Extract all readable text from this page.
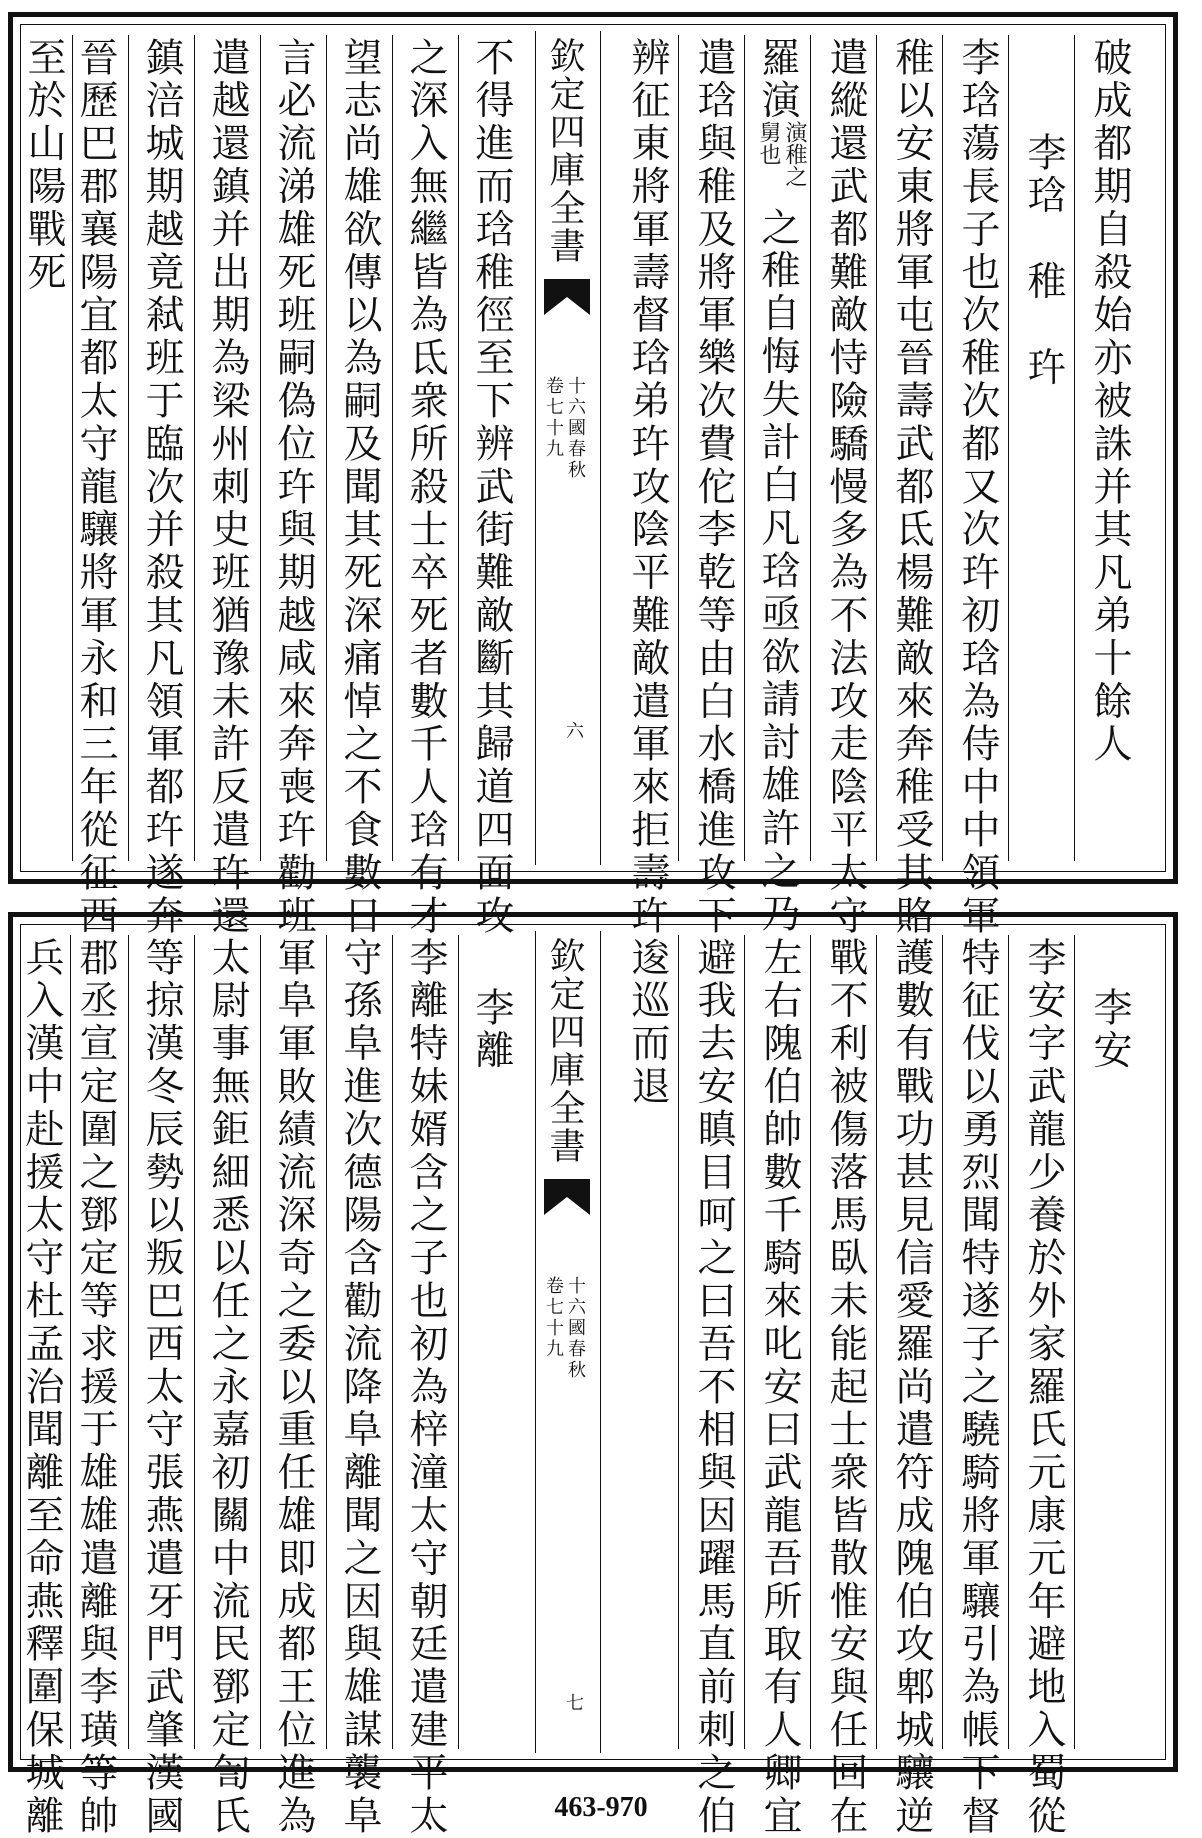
破成都期自殺始亦被誅并其凡弟十餘人
李琀　稚　玝
李琀蕩長子也次稚次都又次玝初琀為侍中中領軍
稚以安東將軍屯晉壽武都氐楊難敵來奔稚受其賂
遣縱還武都難敵恃險驕慢多為不法攻走陰平太守
羅演
演稚之
舅也
之稚自悔失計白凡琀亟欲請討雄許之乃
遣琀與稚及將軍樂次費佗李乾等由白水橋進攻下
辨征東將軍壽督琀弟玝攻陰平難敵遣軍來拒壽玝
欽定四庫全書
十六國春秋
卷七十九
六
不得進而琀稚徑至下辨武街難敵斷其歸道四面攻
之深入無繼皆為氐衆所殺士卒死者數千人琀有才
望志尚雄欲傳以為嗣及聞其死深痛悼之不食數日
言必流涕雄死班嗣偽位玝與期越咸來奔喪玝勸班
遣越還鎮并出期為梁州刺史班猶豫未許反遣玝還
鎮涪城期越竟弒班于臨次并殺其凡領軍都玝遂奔
晉歷巴郡襄陽宜都太守龍驤將軍永和三年從征西
至於山陽戰死
李安
李安字武龍少養於外家羅氏元康元年避地入蜀從
特征伐以勇烈聞特遂子之驍騎將軍驤引為帳下督
護數有戰功甚見信愛羅尚遣符成隗伯攻郫城驤逆
戰不利被傷落馬臥未能起士衆皆散惟安與任回在
左右隗伯帥數千騎來叱安曰武龍吾所取有人卿宜
避我去安瞋目呵之曰吾不相與因躍馬直前刺之伯
逡巡而退
欽定四庫全書
十六國春秋
卷七十九
七
李離
李離特妹婿含之子也初為梓潼太守朝廷遣建平太
守孫阜進次德陽含勸流降阜離聞之因與雄謀襲阜
軍阜軍敗績流深奇之委以重任雄即成都王位進為
太尉事無鉅細悉以任之永嘉初關中流民鄧定訇氏
等掠漢冬辰勢以叛巴西太守張燕遣牙門武肇漢國
郡丞宣定圍之鄧定等求援于雄雄遣離與李璜等帥
兵入漢中赴援太守杜孟治聞離至命燕釋圍保城離	463-970
